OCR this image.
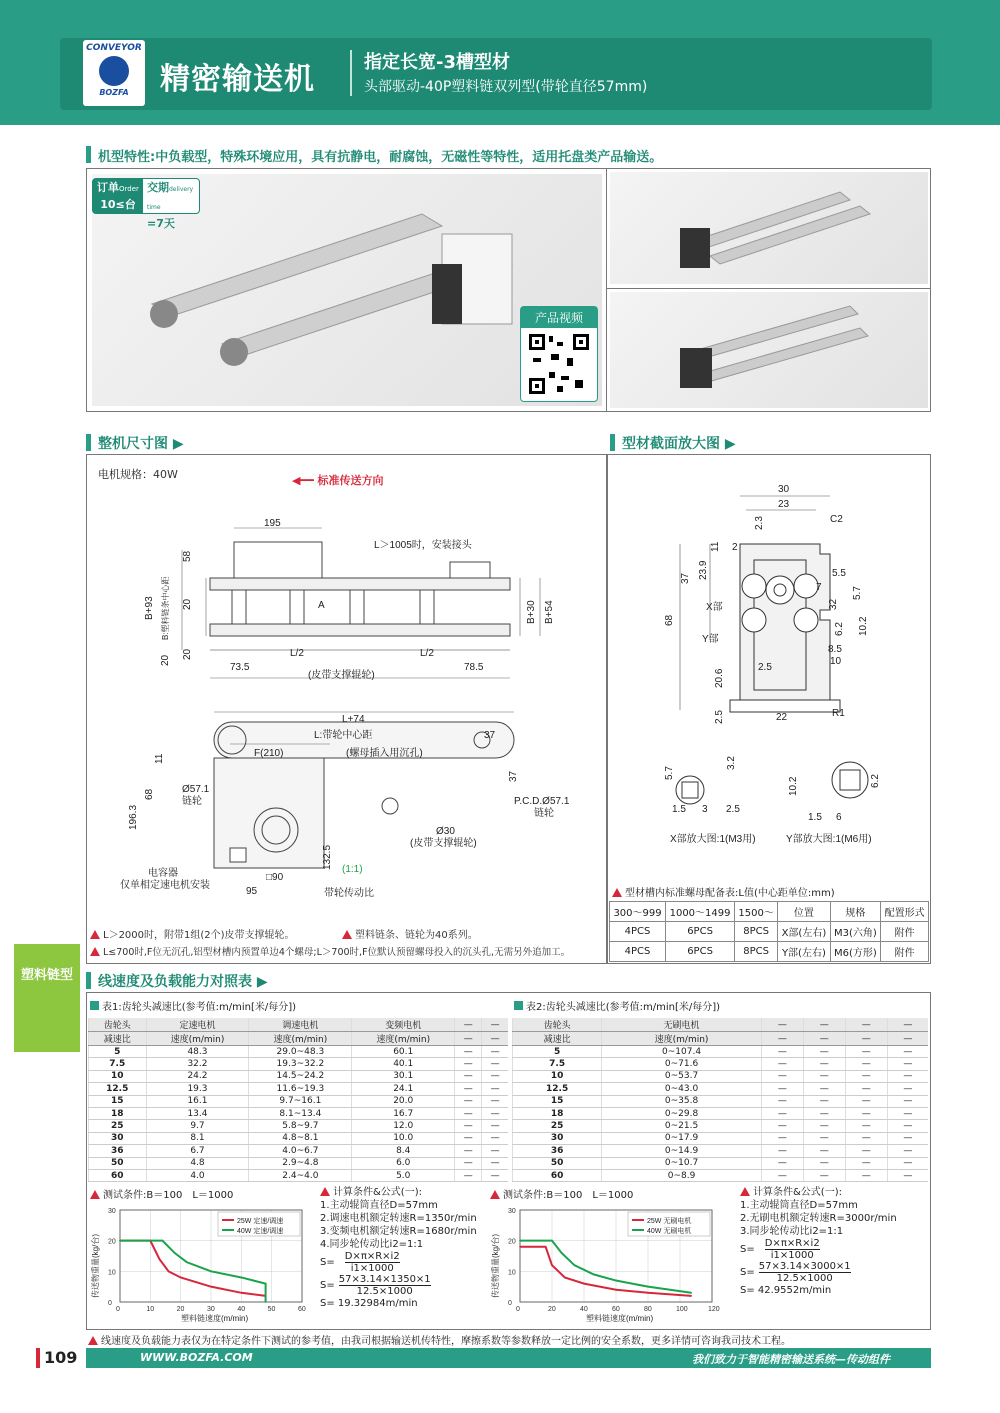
CONVEYOR
BOZFA	精密输送机	指定长宽-3槽型材
头部驱动-40P塑料链双列型(带轮直径57mm)
机型特性:中负载型，特殊环境应用，具有抗静电，耐腐蚀，无磁性等特性，适用托盘类产品输送。
订单Order
10≤台
交期delivery time
=7天
产品视频
整机尺寸图 ▶
电机规格：40W	◀━━ 标准传送方向
195
L＞1005时，安装接头
58
B:塑料链条中心距
B+93	20	A	B+30 B+54
20
20	L/2	L/2
73.5	78.5
(皮带支撑辊轮)
L+74
L:带轮中心距	37
F(210)	(螺母插入用沉孔)
11
68
196.3
Ø57.1
链轮	P.C.D.Ø57.1
链轮
37
Ø30
(皮带支撑辊轮)
132.5 (1:1)
电容器
仅单相定速电机安装
□90
95	带轮传动比
L＞2000时，附带1组(2个)皮带支撑辊轮。	塑料链条、链轮为40系列。
L≤700时,F位无沉孔,铝型材槽内预置单边4个螺母;L＞700时,F位默认预留螺母投入的沉头孔,无需另外追加工。
型材截面放大图 ▶
30
23
C2
2.3
11 2
23.9
37
68
5.5
7	5.7
32
6.2 10.2
8.5
10
X部
Y部
2.5
20.6
2.5	22	R1
5.7
3.2
1.5 3 2.5
10.2	6.2
1.5 6
X部放大图:1(M3用)	Y部放大图:1(M6用)
型材槽内标准螺母配备表:L值(中心距单位:mm)
300～999	1000～1499	1500～	位置	规格	配置形式
4PCS	6PCS	8PCS	X部(左右)	M3(六角)	附件
4PCS	6PCS	8PCS	Y部(左右)	M6(方形)	附件
塑料链型	线速度及负载能力对照表 ▶
表1:齿轮头减速比(参考值:m/min[米/每分])	表2:齿轮头减速比(参考值:m/min[米/每分])
齿轮头	定速电机	调速电机	变频电机	—	—
减速比	速度(m/min)	速度(m/min)	速度(m/min)	—	—
5	48.3	29.0~48.3	60.1	—	—
7.5	32.2	19.3~32.2	40.1	—	—
10	24.2	14.5~24.2	30.1	—	—
12.5	19.3	11.6~19.3	24.1	—	—
15	16.1	9.7~16.1	20.0	—	—
18	13.4	8.1~13.4	16.7	—	—
25	9.7	5.8~9.7	12.0	—	—
30	8.1	4.8~8.1	10.0	—	—
36	6.7	4.0~6.7	8.4	—	—
50	4.8	2.9~4.8	6.0	—	—
60	4.0	2.4~4.0	5.0	—	—
齿轮头	无刷电机	—	—	—	—
减速比	速度(m/min)	—	—	—	—
5	0~107.4	—	—	—	—
7.5	0~71.6	—	—	—	—
10	0~53.7	—	—	—	—
12.5	0~43.0	—	—	—	—
15	0~35.8	—	—	—	—
18	0~29.8	—	—	—	—
25	0~21.5	—	—	—	—
30	0~17.9	—	—	—	—
36	0~14.9	—	—	—	—
50	0~10.7	—	—	—	—
60	0~8.9	—	—	—	—
测试条件:B＝100　L＝1000
0	10	20	30	40	50	60
0
10
20
30
塑料链速度(m/min)
传送物重量(kg/台)
25W 定速/调速
40W 定速/调速
计算条件&公式(一):
1.主动辊筒直径D=57mm
2.调速电机额定转速R=1350r/min
3.变频电机额定转速R=1680r/min
4.同步轮传动比i2=1:1
$S= \frac{D\times\pi\times R\times i2}{i1\times 1000}$
$S= \frac{57\times 3.14\times 1350\times 1}{12.5\times 1000}$
S= 19.32984m/min
测试条件:B＝100　L＝1000
0	20	40	60	80	100	120
0
10
20
30
塑料链速度(m/min)
传送物重量(kg/台)
25W 无刷电机
40W 无刷电机
计算条件&公式(一):
1.主动辊筒直径D=57mm
2.无刷电机额定转速R=3000r/min
3.同步轮传动比i2=1:1
$S= \frac{D\times\pi\times R\times i2}{i1\times 1000}$
$S= \frac{57\times 3.14\times 3000\times 1}{12.5\times 1000}$
S= 42.9552m/min
线速度及负载能力表仅为在特定条件下测试的参考值，由我司根据输送机传特性，摩擦系数等参数释放一定比例的安全系数，更多详情可咨询我司技术工程。
109	WWW.BOZFA.COM	我们致力于智能精密输送系统—传动组件
